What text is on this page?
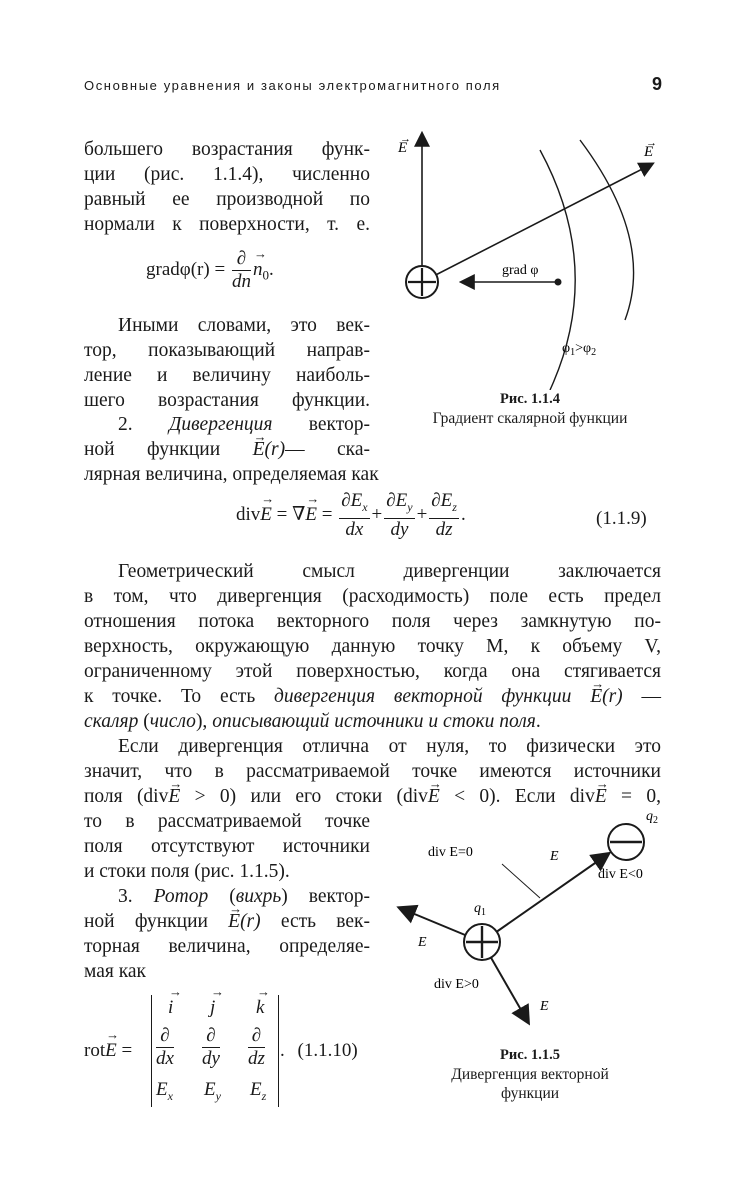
Основные уравнения и законы электромагнитного поля	9
большего возрастания функ-
ции (рис. 1.1.4), численно
равный ее производной по
нормали к поверхности, т. е.
gradφ(r) = $\frac{\partial}{dn}$
→ $n_0$.
Иными словами, это век-
тор, показывающий направ-
ление и величину наиболь-
шего возрастания функции.
2. Дивергенция вектор-
ной функции → E(r)— ска-
лярная величина, определяемая как
div→ E = ∇→ $E = \frac{\partial E_x}{dx} + \frac{\partial E_y}{dy} + \frac{\partial E_z}{dz}$ .	(1.1.9)
Геометрический смысл дивергенции заключается
в том, что дивергенция (расходимость) поле есть предел
отношения потока векторного поля через замкнутую по-
верхность, окружающую данную точку M, к объему V,
ограниченному этой поверхностью, когда она стягивается
к точке. То есть дивергенция векторной функции → E(r) —
скаляр (число), описывающий источники и стоки поля.
Если дивергенция отлична от нуля, то физически это
значит, что в рассматриваемой точке имеются источники
поля (div→ E > 0) или его стоки (div→ E < 0). Если div→ E = 0,
то в рассматриваемой точке
поля отсутствуют источники
и стоки поля (рис. 1.1.5).
3. Ротор (вихрь) вектор-
ной функции → E(r) есть век-
торная величина, определяе-
мая как
rot→ E =
→ i
→ j
→ k
∂
dx
∂
dy
∂
dz
$E_x$ $E_y$ $E_z$
. (1.1.10)
E
→
E
→
grad φ
$\varphi_1>\varphi_2$
Рис. 1.1.4
Градиент скалярной функции
$q_1$
$q_2$
div E=0
div E<0
div E>0
E
E
E
Рис. 1.1.5
Дивергенция векторной
функции
